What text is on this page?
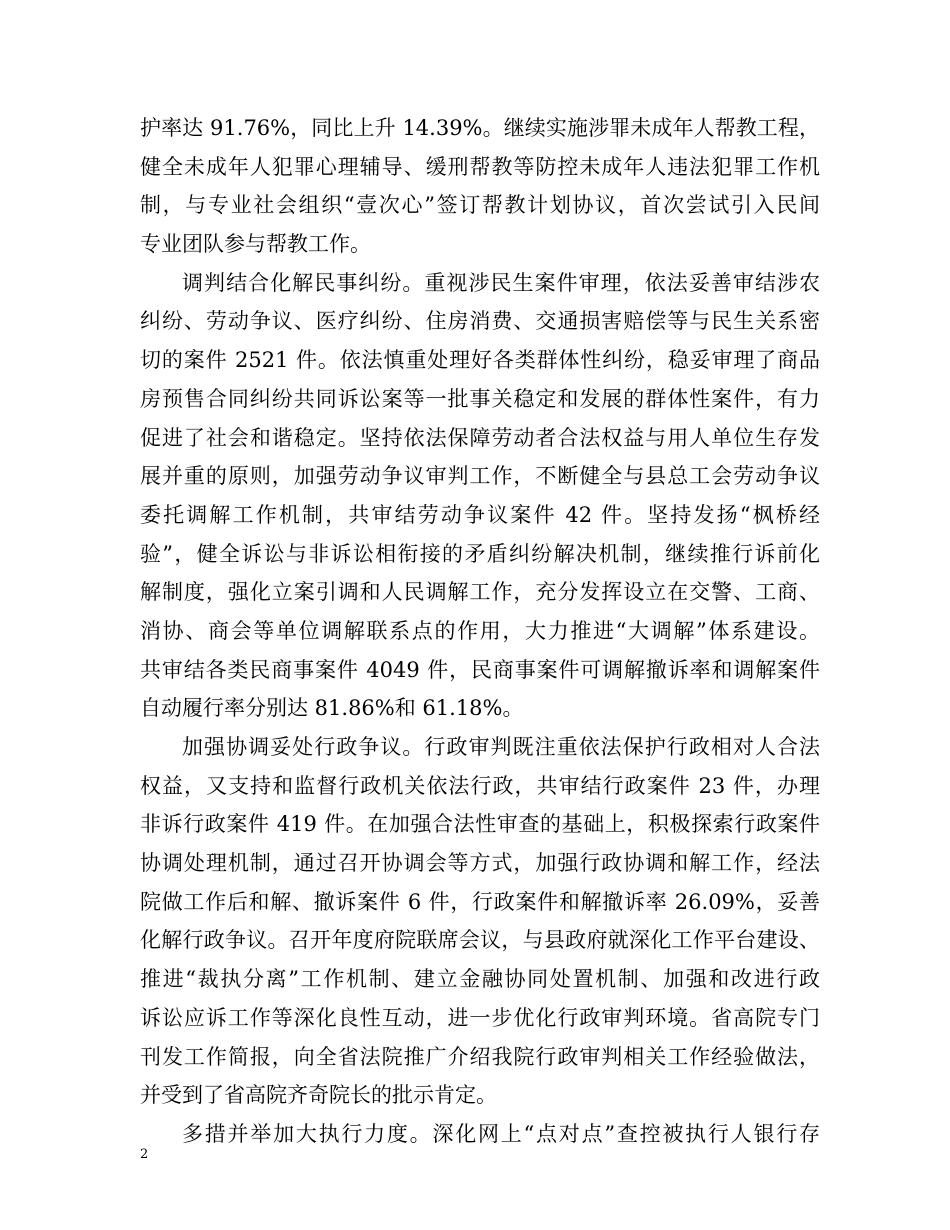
护率达 91.76%，同比上升 14.39%。继续实施涉罪未成年人帮教工程，
健全未成年人犯罪心理辅导、缓刑帮教等防控未成年人违法犯罪工作机
制，与专业社会组织“壹次心”签订帮教计划协议，首次尝试引入民间
专业团队参与帮教工作。
调判结合化解民事纠纷。重视涉民生案件审理，依法妥善审结涉农
纠纷、劳动争议、医疗纠纷、住房消费、交通损害赔偿等与民生关系密
切的案件 2521 件。依法慎重处理好各类群体性纠纷，稳妥审理了商品
房预售合同纠纷共同诉讼案等一批事关稳定和发展的群体性案件，有力
促进了社会和谐稳定。坚持依法保障劳动者合法权益与用人单位生存发
展并重的原则，加强劳动争议审判工作，不断健全与县总工会劳动争议
委托调解工作机制，共审结劳动争议案件 42 件。坚持发扬“枫桥经
验”，健全诉讼与非诉讼相衔接的矛盾纠纷解决机制，继续推行诉前化
解制度，强化立案引调和人民调解工作，充分发挥设立在交警、工商、
消协、商会等单位调解联系点的作用，大力推进“大调解”体系建设。
共审结各类民商事案件 4049 件，民商事案件可调解撤诉率和调解案件
自动履行率分别达 81.86%和 61.18%。
加强协调妥处行政争议。行政审判既注重依法保护行政相对人合法
权益，又支持和监督行政机关依法行政，共审结行政案件 23 件，办理
非诉行政案件 419 件。在加强合法性审查的基础上，积极探索行政案件
协调处理机制，通过召开协调会等方式，加强行政协调和解工作，经法
院做工作后和解、撤诉案件 6 件，行政案件和解撤诉率 26.09%，妥善
化解行政争议。召开年度府院联席会议，与县政府就深化工作平台建设、
推进“裁执分离”工作机制、建立金融协同处置机制、加强和改进行政
诉讼应诉工作等深化良性互动，进一步优化行政审判环境。省高院专门
刊发工作简报，向全省法院推广介绍我院行政审判相关工作经验做法，
并受到了省高院齐奇院长的批示肯定。
多措并举加大执行力度。深化网上“点对点”查控被执行人银行存
2
